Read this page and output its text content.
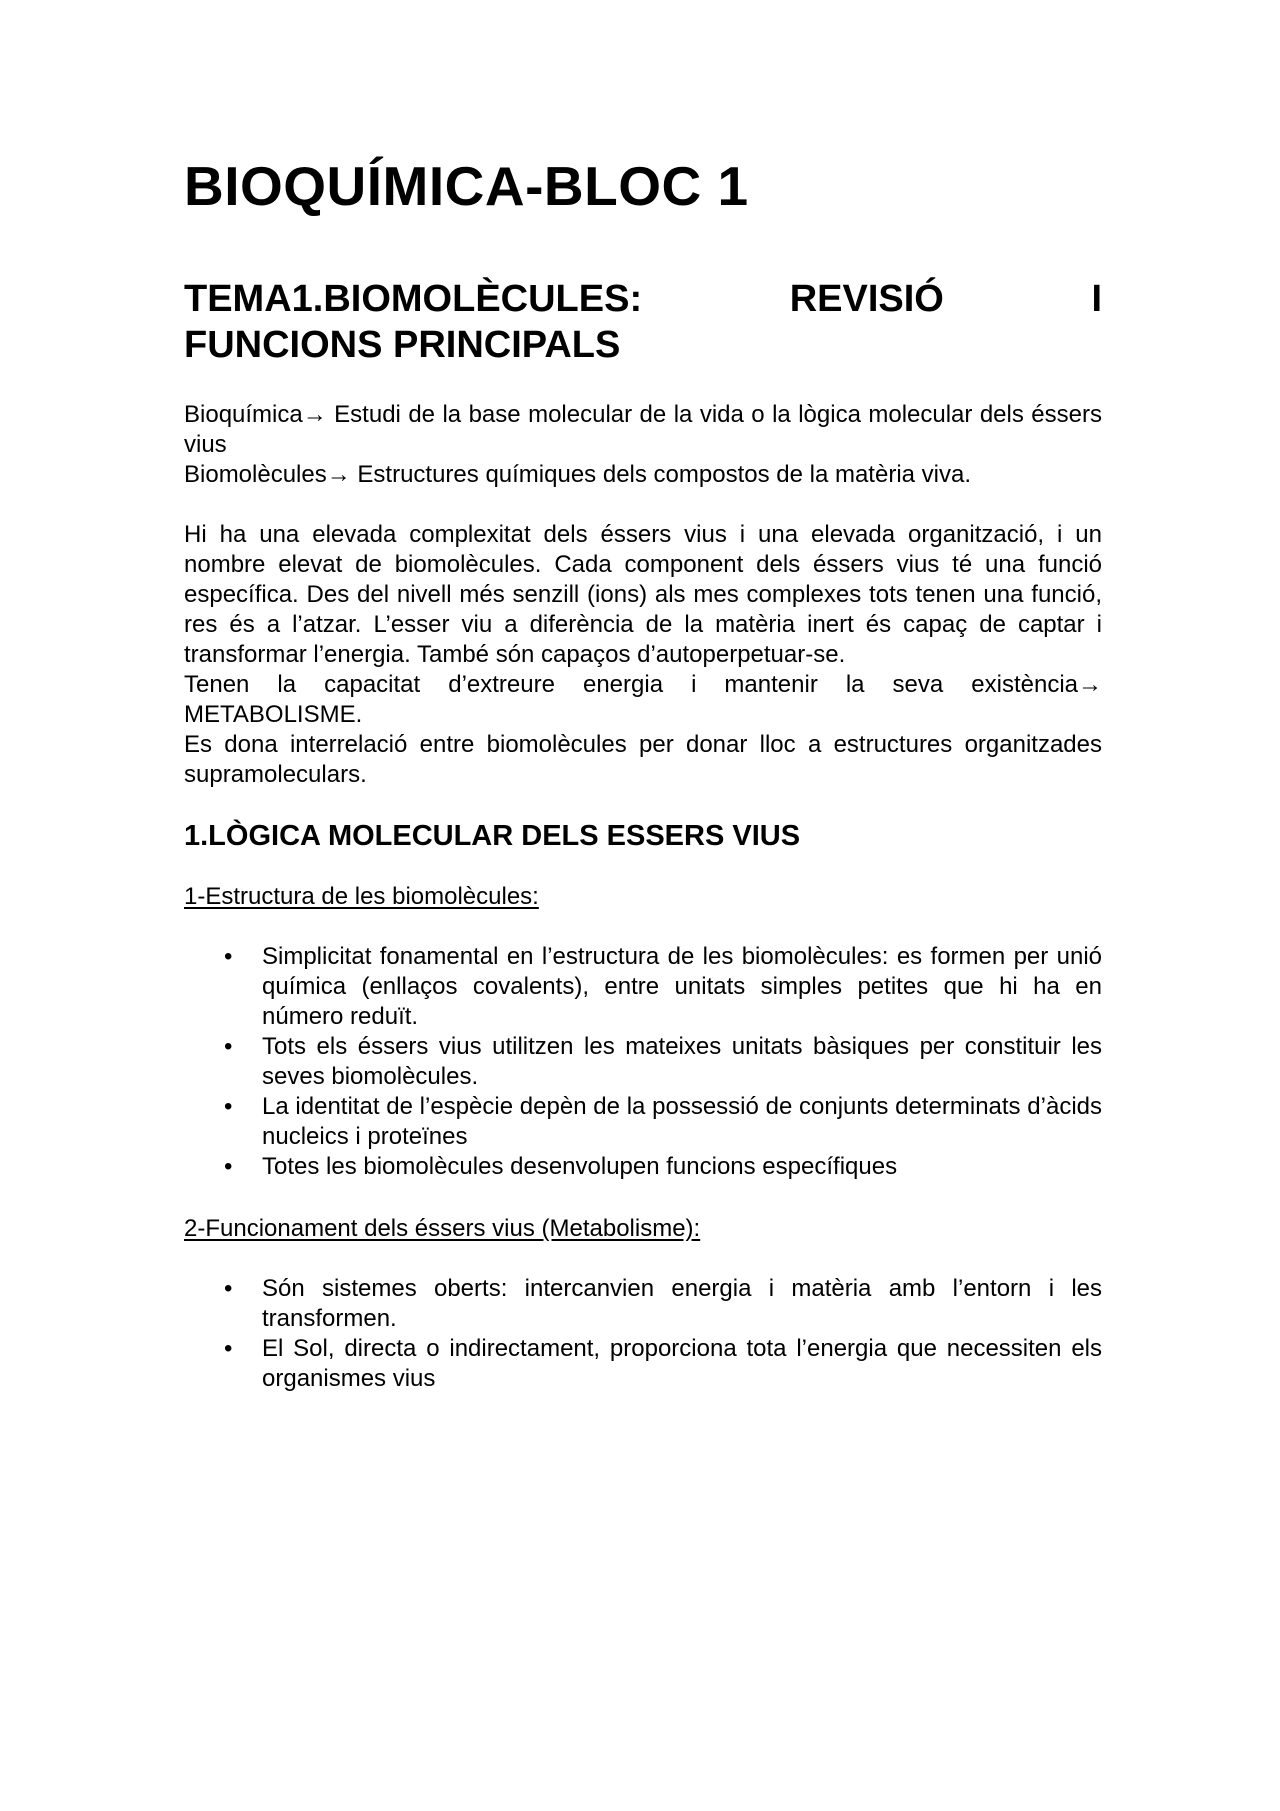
BIOQUÍMICA-BLOC 1
TEMA1.BIOMOLÈCULES:	REVISIÓ	I
FUNCIONS PRINCIPALS

Bioquímica→ Estudi de la base molecular de la vida o la lògica molecular dels éssers vius

Biomolècules→ Estructures químiques dels compostos de la matèria viva.

Hi ha una elevada complexitat dels éssers vius i una elevada organització, i un nombre elevat de biomolècules. Cada component dels éssers vius té una funció específica. Des del nivell més senzill (ions) als mes complexes tots tenen una funció, res és a l’atzar. L’esser viu a diferència de la matèria inert és capaç de captar i transformar l’energia. També són capaços d’autoperpetuar-se.

Tenen la capacitat d’extreure energia i mantenir la seva existència→

METABOLISME.

Es dona interrelació entre biomolècules per donar lloc a estructures organitzades supramoleculars.

1.LÒGICA MOLECULAR DELS ESSERS VIUS

1-Estructura de les biomolècules:

• Simplicitat fonamental en l’estructura de les biomolècules: es formen per unió química (enllaços covalents), entre unitats simples petites que hi ha en número reduït.
• Tots els éssers vius utilitzen les mateixes unitats bàsiques per constituir les seves biomolècules.
• La identitat de l’espècie depèn de la possessió de conjunts determinats d’àcids nucleics i proteïnes
• Totes les biomolècules desenvolupen funcions específiques

2-Funcionament dels éssers vius (Metabolisme):

• Són sistemes oberts: intercanvien energia i matèria amb l’entorn i les transformen.
• El Sol, directa o indirectament, proporciona tota l’energia que necessiten els organismes vius
